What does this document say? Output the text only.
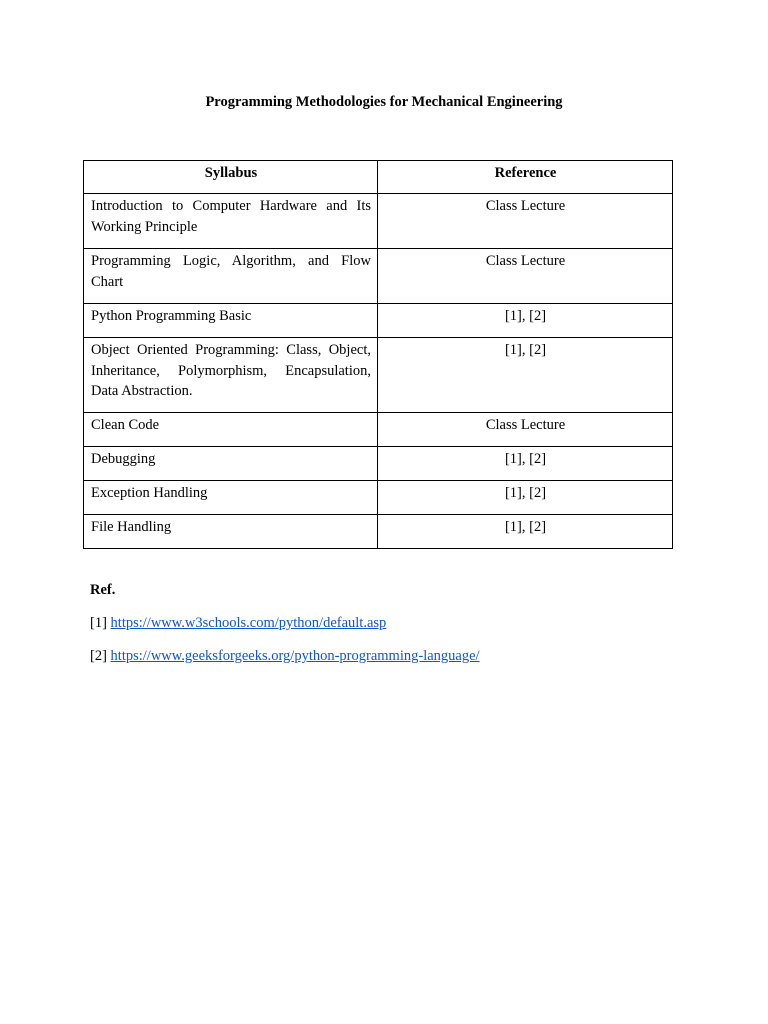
Programming Methodologies for Mechanical Engineering
Syllabus	Reference
Introduction to Computer Hardware and Its Working Principle	Class Lecture
Programming Logic, Algorithm, and Flow Chart	Class Lecture
Python Programming Basic	[1], [2]
Object Oriented Programming: Class, Object, Inheritance, Polymorphism, Encapsulation, Data Abstraction.	[1], [2]
Clean Code	Class Lecture
Debugging	[1], [2]
Exception Handling	[1], [2]
File Handling	[1], [2]
Ref.
[1] https://www.w3schools.com/python/default.asp
[2] https://www.geeksforgeeks.org/python-programming-language/
